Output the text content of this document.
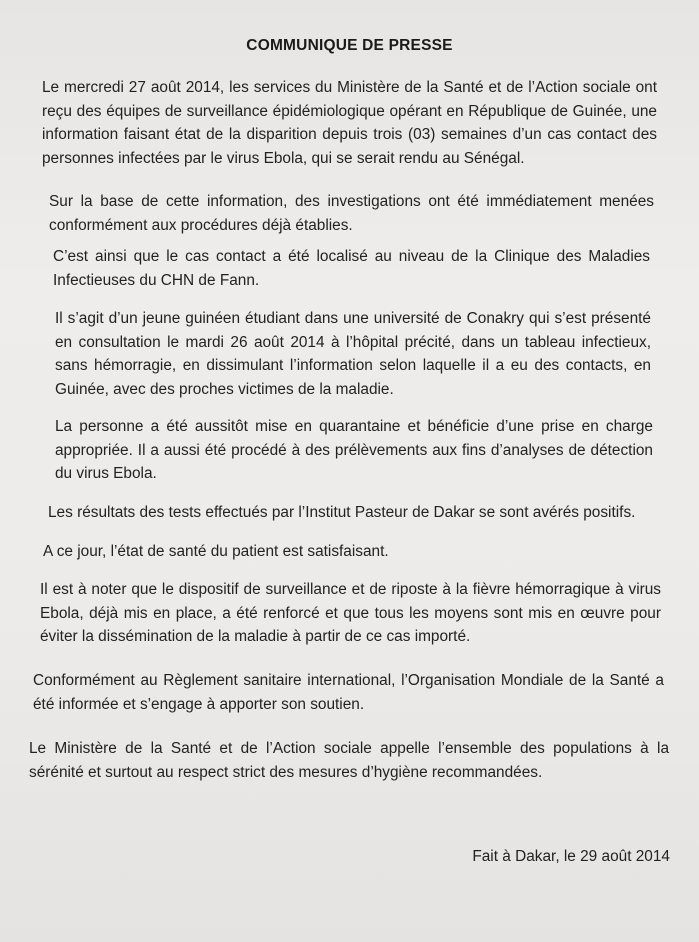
COMMUNIQUE DE PRESSE

Le mercredi 27 août 2014, les services du Ministère de la Santé et de l’Action sociale ont reçu des équipes de surveillance épidémiologique opérant en République de Guinée, une information faisant état de la disparition depuis trois (03) semaines d’un cas contact des personnes infectées par le virus Ebola, qui se serait rendu au Sénégal.

Sur la base de cette information, des investigations ont été immédiatement menées conformément aux procédures déjà établies.

C’est ainsi que le cas contact a été localisé au niveau de la Clinique des Maladies Infectieuses du CHN de Fann.

Il s’agit d’un jeune guinéen étudiant dans une université de Conakry qui s’est présenté en consultation le mardi 26 août 2014 à l’hôpital précité, dans un tableau infectieux, sans hémorragie, en dissimulant l’information selon laquelle il a eu des contacts, en Guinée, avec des proches victimes de la maladie.

La personne a été aussitôt mise en quarantaine et bénéficie d’une prise en charge appropriée. Il a aussi été procédé à des prélèvements aux fins d’analyses de détection du virus Ebola.

Les résultats des tests effectués par l’Institut Pasteur de Dakar se sont avérés positifs.

A ce jour, l’état de santé du patient est satisfaisant.

Il est à noter que le dispositif de surveillance et de riposte à la fièvre hémorragique à virus Ebola, déjà mis en place, a été renforcé et que tous les moyens sont mis en œuvre pour éviter la dissémination de la maladie à partir de ce cas importé.

Conformément au Règlement sanitaire international, l’Organisation Mondiale de la Santé a été informée et s’engage à apporter son soutien.

Le Ministère de la Santé et de l’Action sociale appelle l’ensemble des populations à la sérénité et surtout au respect strict des mesures d’hygiène recommandées.

Fait à Dakar, le 29 août 2014
